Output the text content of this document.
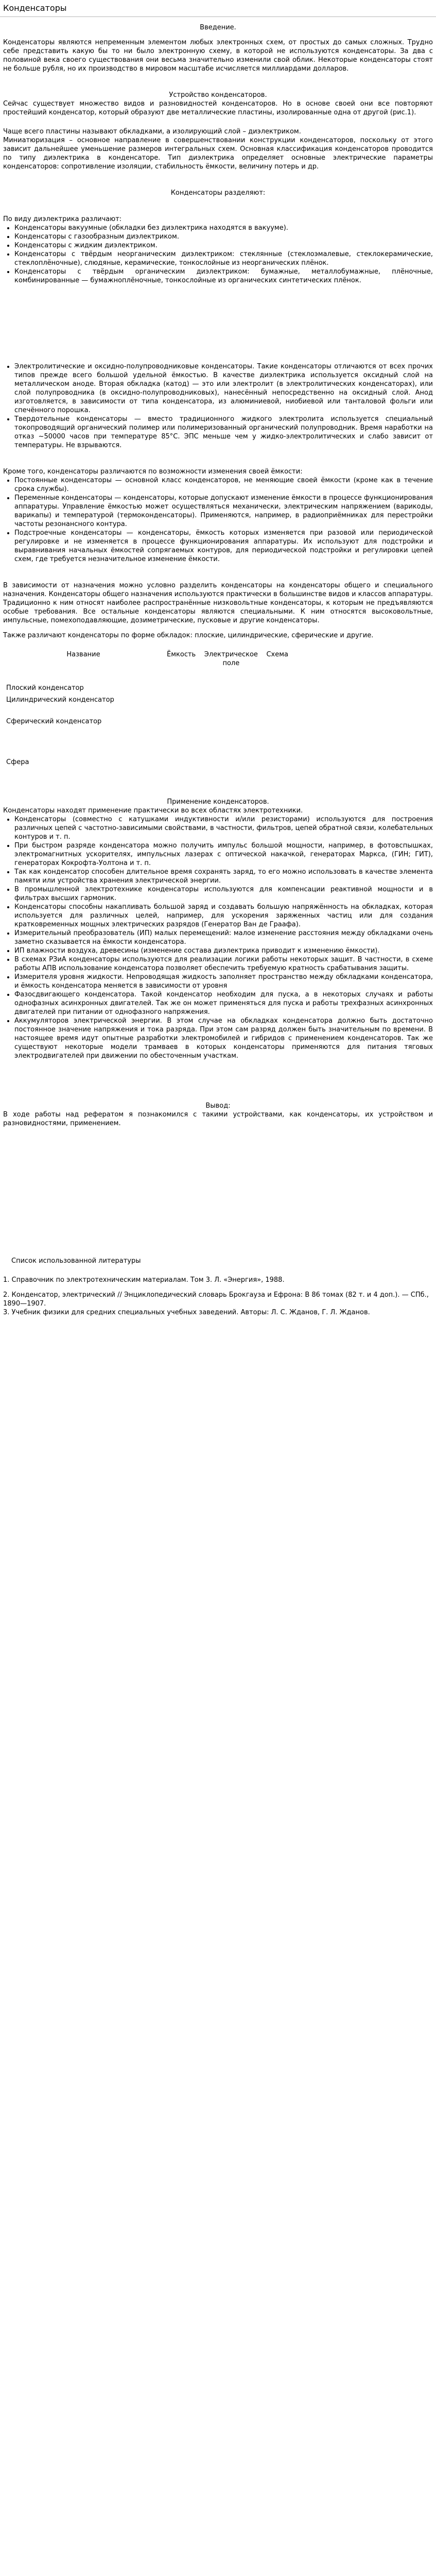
Конденсаторы

Введение.

Конденсаторы являются непременным элементом любых электронных схем, от простых до самых сложных. Трудно себе представить какую бы то ни было электронную схему, в которой не используются конденсаторы. За два с половиной века своего существования они весьма значительно изменили свой облик. Некоторые конденсаторы стоят не больше рубля, но их производство в мировом масштабе исчисляется миллиардами долларов.

Устройство конденсаторов.

Сейчас существует множество видов и разновидностей конденсаторов. Но в основе своей они все повторяют простейший конденсатор, который образуют две металлические пластины, изолированные одна от другой (рис.1).

Чаще всего пластины называют обкладками, а изолирующий слой – диэлектриком.

Миниатюризация – основное направление в совершенствовании конструкции конденсаторов, поскольку от этого зависит дальнейшее уменьшение размеров интегральных схем. Основная классификация конденсаторов проводится по типу диэлектрика в конденсаторе. Тип диэлектрика определяет основные электрические параметры конденсаторов: сопротивление изоляции, стабильность ёмкости, величину потерь и др.

Конденсаторы разделяют:

По виду диэлектрика различают:

• Конденсаторы вакуумные (обкладки без диэлектрика находятся в вакууме).
• Конденсаторы с газообразным диэлектриком.
• Конденсаторы с жидким диэлектриком.
• Конденсаторы с твёрдым неорганическим диэлектриком: стеклянные (стеклоэмалевые, стеклокерамические, стеклоплёночные), слюдяные, керамические, тонкослойные из неорганических плёнок.
• Конденсаторы с твёрдым органическим диэлектриком: бумажные, металлобумажные, плёночные, комбинированные — бумажноплёночные, тонкослойные из органических синтетических плёнок.
• Электролитические и оксидно-полупроводниковые конденсаторы. Такие конденсаторы отличаются от всех прочих типов прежде всего большой удельной ёмкостью. В качестве диэлектрика используется оксидный слой на металлическом аноде. Вторая обкладка (катод) — это или электролит (в электролитических конденсаторах), или слой полупроводника (в оксидно-полупроводниковых), нанесённый непосредственно на оксидный слой. Анод изготовляется, в зависимости от типа конденсатора, из алюминиевой, ниобиевой или танталовой фольги или спечённого порошка.
• Твердотельные конденсаторы — вместо традиционного жидкого электролита используется специальный токопроводящий органический полимер или полимеризованный органический полупроводник. Время наработки на отказ ~50000 часов при температуре 85°C. ЭПС меньше чем у жидко-электролитических и слабо зависит от температуры. Не взрываются.

Кроме того, конденсаторы различаются по возможности изменения своей ёмкости:

• Постоянные конденсаторы — основной класс конденсаторов, не меняющие своей ёмкости (кроме как в течение срока службы).
• Переменные конденсаторы — конденсаторы, которые допускают изменение ёмкости в процессе функционирования аппаратуры. Управление ёмкостью может осуществляться механически, электрическим напряжением (варикоды, варикапы) и температурой (термоконденсаторы). Применяются, например, в радиоприёмниках для перестройки частоты резонансного контура.
• Подстроечные конденсаторы — конденсаторы, ёмкость которых изменяется при разовой или периодической регулировке и не изменяется в процессе функционирования аппаратуры. Их используют для подстройки и выравнивания начальных ёмкостей сопрягаемых контуров, для периодической подстройки и регулировки цепей схем, где требуется незначительное изменение ёмкости.

В зависимости от назначения можно условно разделить конденсаторы на конденсаторы общего и специального назначения. Конденсаторы общего назначения используются практически в большинстве видов и классов аппаратуры. Традиционно к ним относят наиболее распространённые низковольтные конденсаторы, к которым не предъявляются особые требования. Все остальные конденсаторы являются специальными. К ним относятся высоковольтные, импульсные, помехоподавляющие, дозиметрические, пусковые и другие конденсаторы.

Также различают конденсаторы по форме обкладок: плоские, цилиндрические, сферические и другие.

Название	Ёмкость	Электрическое поле	Схема
Плоский конденсатор			
Цилиндрический конденсатор			
Сферический конденсатор			
Сфера			

Применение конденсаторов.

Конденсаторы находят применение практически во всех областях электротехники.

• Конденсаторы (совместно с катушками индуктивности и/или резисторами) используются для построения различных цепей с частотно-зависимыми свойствами, в частности, фильтров, цепей обратной связи, колебательных контуров и т. п.
• При быстром разряде конденсатора можно получить импульс большой мощности, например, в фотовспышках, электромагнитных ускорителях, импульсных лазерах с оптической накачкой, генераторах Маркса, (ГИН; ГИТ), генераторах Кокрофта-Уолтона и т. п.
• Так как конденсатор способен длительное время сохранять заряд, то его можно использовать в качестве элемента памяти или устройства хранения электрической энергии.
• В промышленной электротехнике конденсаторы используются для компенсации реактивной мощности и в фильтрах высших гармоник.
• Конденсаторы способны накапливать большой заряд и создавать большую напряжённость на обкладках, которая используется для различных целей, например, для ускорения заряженных частиц или для создания кратковременных мощных электрических разрядов (Генератор Ван де Граафа).
• Измерительный преобразователь (ИП) малых перемещений: малое изменение расстояния между обкладками очень заметно сказывается на ёмкости конденсатора.
• ИП влажности воздуха, древесины (изменение состава диэлектрика приводит к изменению ёмкости).
• В схемах РЗиА конденсаторы используются для реализации логики работы некоторых защит. В частности, в схеме работы АПВ использование конденсатора позволяет обеспечить требуемую кратность срабатывания защиты.
• Измерителя уровня жидкости. Непроводящая жидкость заполняет пространство между обкладками конденсатора, и ёмкость конденсатора меняется в зависимости от уровня
• Фазосдвигающего конденсатора. Такой конденсатор необходим для пуска, а в некоторых случаях и работы однофазных асинхронных двигателей. Так же он может применяться для пуска и работы трехфазных асинхронных двигателей при питании от однофазного напряжения.
• Аккумуляторов электрической энергии. В этом случае на обкладках конденсатора должно быть достаточно постоянное значение напряжения и тока разряда. При этом сам разряд должен быть значительным по времени. В настоящее время идут опытные разработки электромобилей и гибридов с применением конденсаторов. Так же существуют некоторые модели трамваев в которых конденсаторы применяются для питания тяговых электродвигателей при движении по обесточенным участкам.

Вывод:

В ходе работы над рефератом я познакомился с такими устройствами, как конденсаторы, их устройством и разновидностями, применением.

Список использованной литературы

1. Справочник по электротехническим материалам. Том 3. Л. «Энергия», 1988.

2. Конденсатор, электрический // Энциклопедический словарь Брокгауза и Ефрона: В 86 томах (82 т. и 4 доп.). — СПб., 1890—1907.

3. Учебник физики для средних специальных учебных заведений. Авторы: Л. С. Жданов, Г. Л. Жданов.
